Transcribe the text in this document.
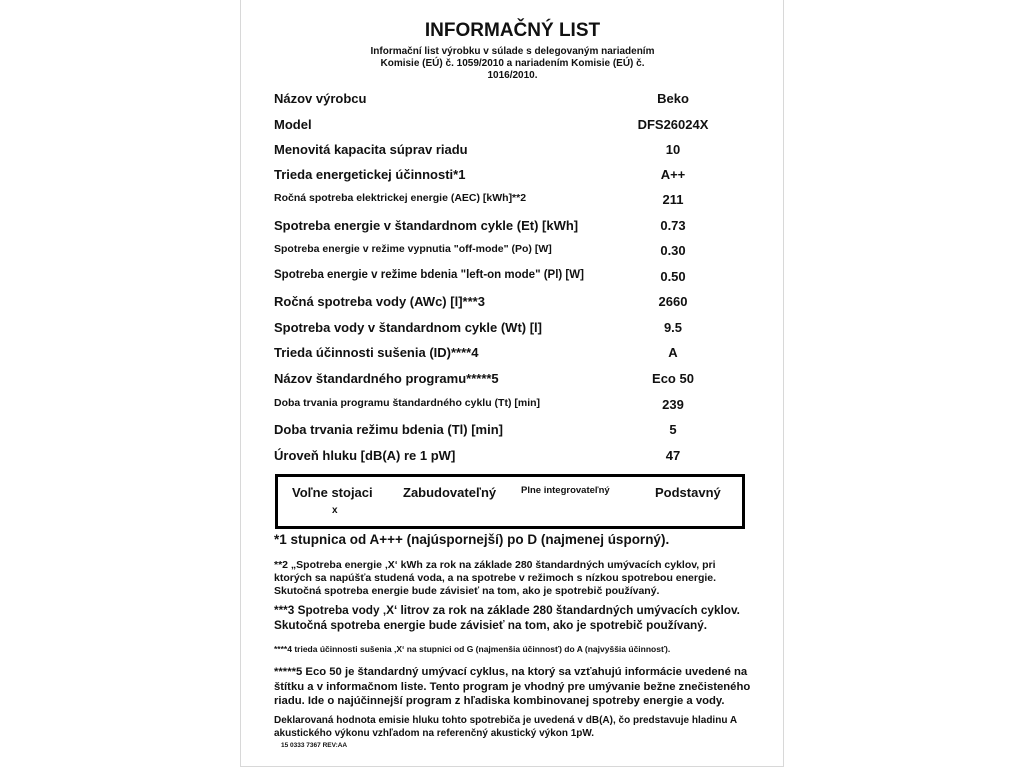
INFORMAČNÝ LIST
Informační list výrobku v súlade s delegovaným nariadením Komisie (EÚ) č. 1059/2010 a nariadením Komisie (EÚ) č. 1016/2010.
Názov výrobcu	Beko
Model	DFS26024X
Menovitá kapacita súprav riadu	10
Trieda energetickej účinnosti*1	A++
Ročná spotreba elektrickej energie (AEC) [kWh]**2	211
Spotreba energie v štandardnom cykle (Et) [kWh]	0.73
Spotreba energie v režime vypnutia "off-mode" (Po) [W]	0.30
Spotreba energie v režime bdenia "left-on mode" (Pl) [W]	0.50
Ročná spotreba vody (AWc) [l]***3	2660
Spotreba vody v štandardnom cykle (Wt) [l]	9.5
Trieda účinnosti sušenia (ID)****4	A
Názov štandardného programu*****5	Eco 50
Doba trvania programu štandardného cyklu (Tt) [min]	239
Doba trvania režimu bdenia (Tl) [min]	5
Úroveň hluku [dB(A) re 1 pW]	47
Voľne stojaci Zabudovateľný	Plne integrovateľný	Podstavný
x
*1 stupnica od A+++ (najúspornejší) po D (najmenej úsporný).
**2 „Spotreba energie ‚X‘ kWh za rok na základe 280 štandardných umývacích cyklov, pri ktorých sa napúšťa studená voda, a na spotrebe v režimoch s nízkou spotrebou energie. Skutočná spotreba energie bude závisieť na tom, ako je spotrebič používaný.
***3 Spotreba vody ‚X‘ litrov za rok na základe 280 štandardných umývacích cyklov. Skutočná spotreba energie bude závisieť na tom, ako je spotrebič používaný.
****4 trieda účinnosti sušenia ‚X‘ na stupnici od G (najmenšia účinnosť) do A (najvyššia účinnosť).
*****5 Eco 50 je štandardný umývací cyklus, na ktorý sa vzťahujú informácie uvedené na štítku a v informačnom liste. Tento program je vhodný pre umývanie bežne znečisteného riadu. Ide o najúčinnejší program z hľadiska kombinovanej spotreby energie a vody.
Deklarovaná hodnota emisie hluku tohto spotrebiča je uvedená v dB(A), čo predstavuje hladinu A akustického výkonu vzhľadom na referenčný akustický výkon 1pW.
15 0333 7367 REV:AA
